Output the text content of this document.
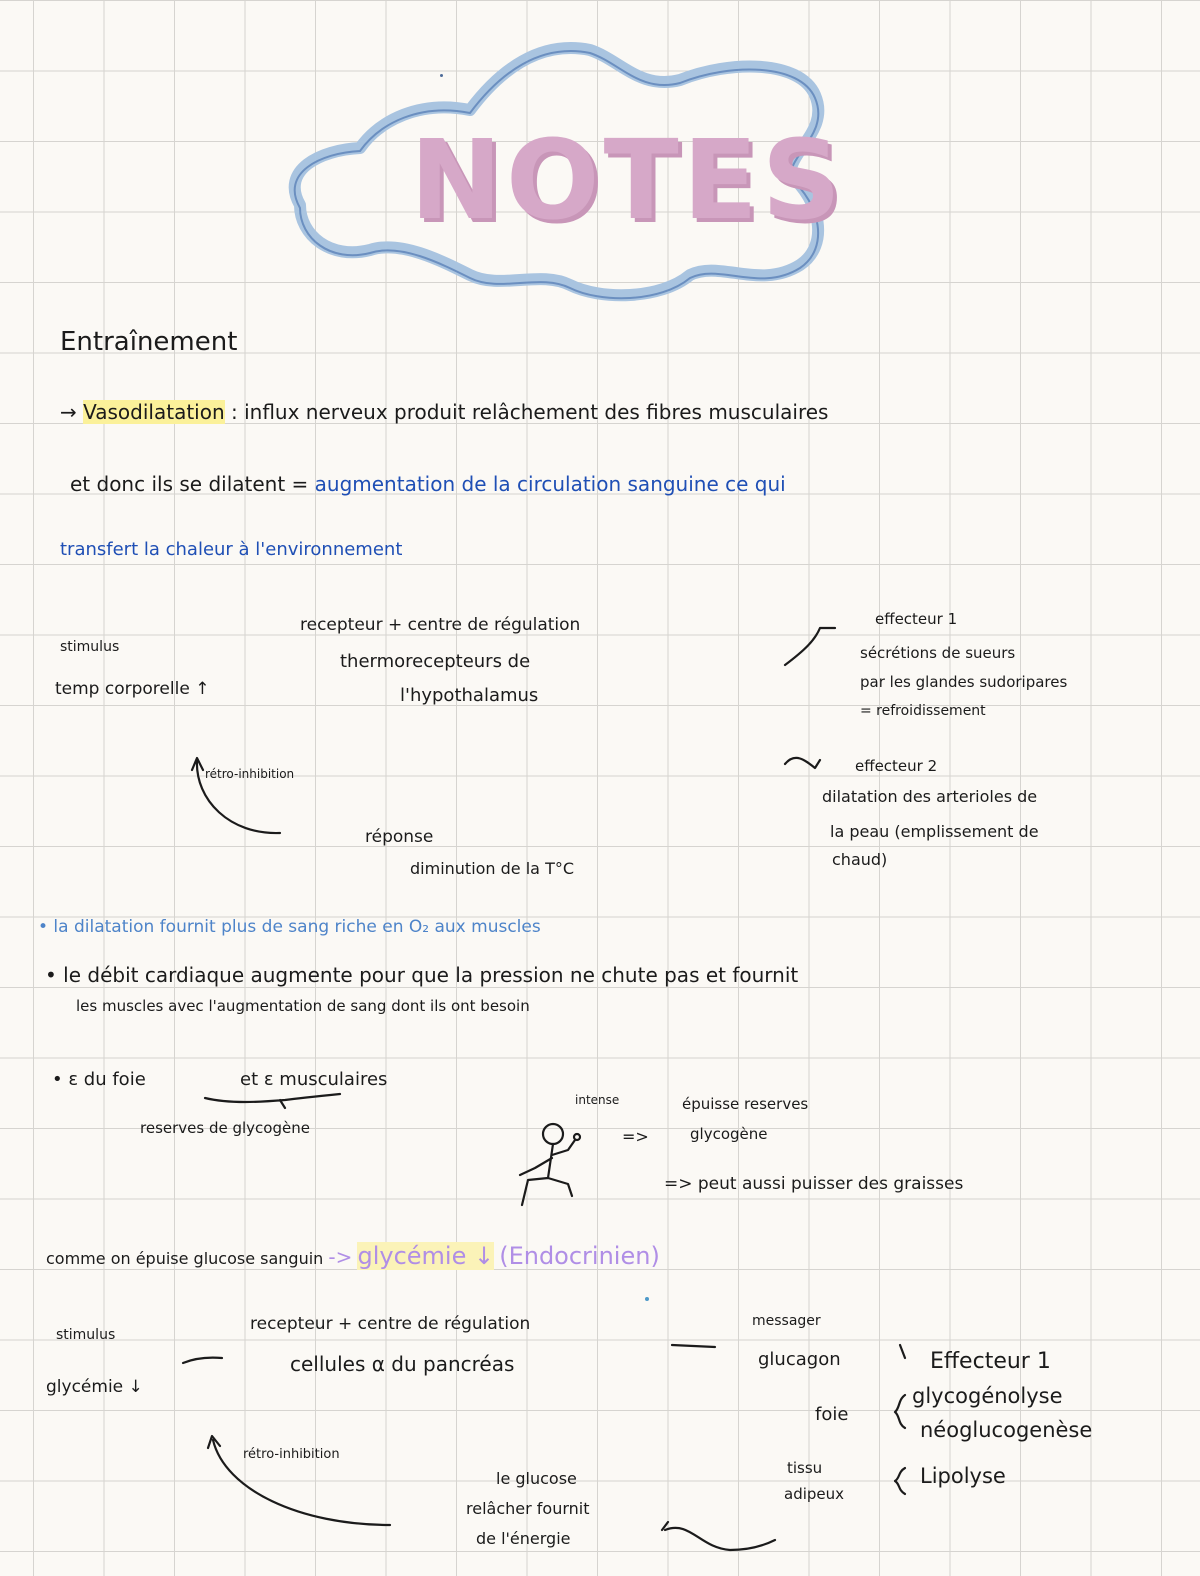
NOTES
Entraînement
→ Vasodilatation : influx nerveux produit relâchement des fibres musculaires
et donc ils se dilatent = augmentation de la circulation sanguine ce qui
transfert la chaleur à l'environnement
stimulus
temp corporelle ↑
recepteur + centre de régulation
thermorecepteurs de
l'hypothalamus
effecteur 1
sécrétions de sueurs
par les glandes sudoripares
= refroidissement
effecteur 2
dilatation des arterioles de
la peau (emplissement de
chaud)
rétro-inhibition
réponse
diminution de la T°C
• la dilatation fournit plus de sang riche en O₂ aux muscles
• le débit cardiaque augmente pour que la pression ne chute pas et fournit
les muscles avec l'augmentation de sang dont ils ont besoin
• ε du foie	et ε musculaires
reserves de glycogène
intense
=>
épuisse reserves
glycogène
=> peut aussi puisser des graisses
comme on épuise glucose sanguin -> glycémie ↓ (Endocrinien)
stimulus
glycémie ↓
recepteur + centre de régulation
cellules α du pancréas
messager
glucagon	Effecteur 1
foie
glycogénolyse
néoglucogenèse
tissu
adipeux
Lipolyse
rétro-inhibition
le glucose
relâcher fournit
de l'énergie
